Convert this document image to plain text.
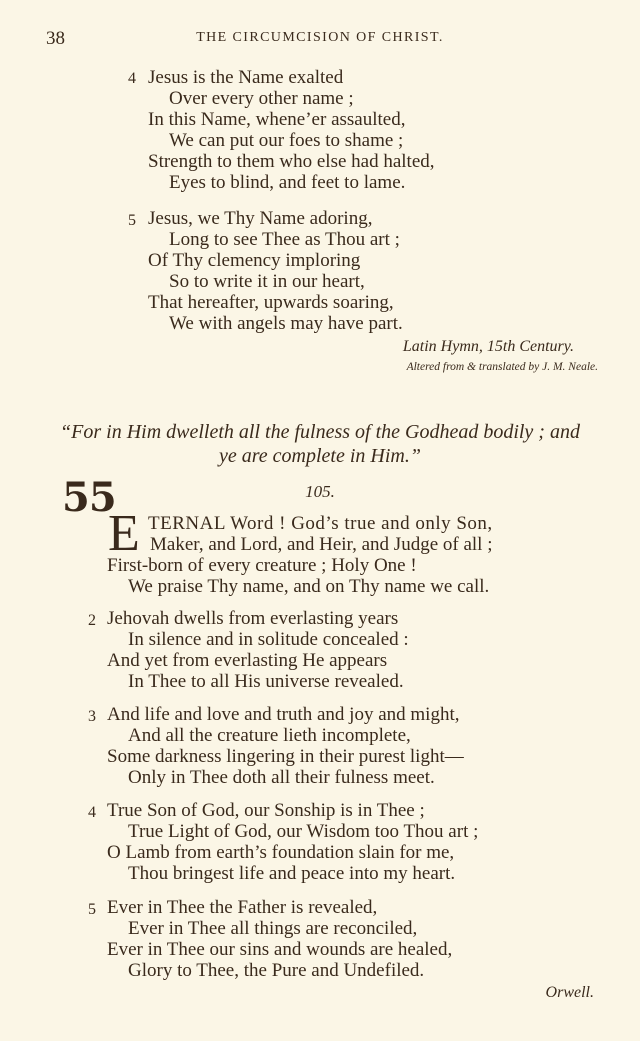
38	THE CIRCUMCISION OF CHRIST.
4 Jesus is the Name exalted
Over every other name ;
In this Name, whene’er assaulted,
We can put our foes to shame ;
Strength to them who else had halted,
Eyes to blind, and feet to lame.
5 Jesus, we Thy Name adoring,
Long to see Thee as Thou art ;
Of Thy clemency imploring
So to write it in our heart,
That hereafter, upwards soaring,
We with angels may have part.
Latin Hymn, 15th Century.
Altered from & translated by J. M. Neale.
“For in Him dwelleth all the fulness of the Godhead bodily ; and
ye are complete in Him.”
55	105.
E TERNAL Word ! God’s true and only Son,
Maker, and Lord, and Heir, and Judge of all ;
First-born of every creature ; Holy One !
We praise Thy name, and on Thy name we call.
2 Jehovah dwells from everlasting years
In silence and in solitude concealed :
And yet from everlasting He appears
In Thee to all His universe revealed.
3 And life and love and truth and joy and might,
And all the creature lieth incomplete,
Some darkness lingering in their purest light—
Only in Thee doth all their fulness meet.
4 True Son of God, our Sonship is in Thee ;
True Light of God, our Wisdom too Thou art ;
O Lamb from earth’s foundation slain for me,
Thou bringest life and peace into my heart.
5 Ever in Thee the Father is revealed,
Ever in Thee all things are reconciled,
Ever in Thee our sins and wounds are healed,
Glory to Thee, the Pure and Undefiled.
Orwell.
